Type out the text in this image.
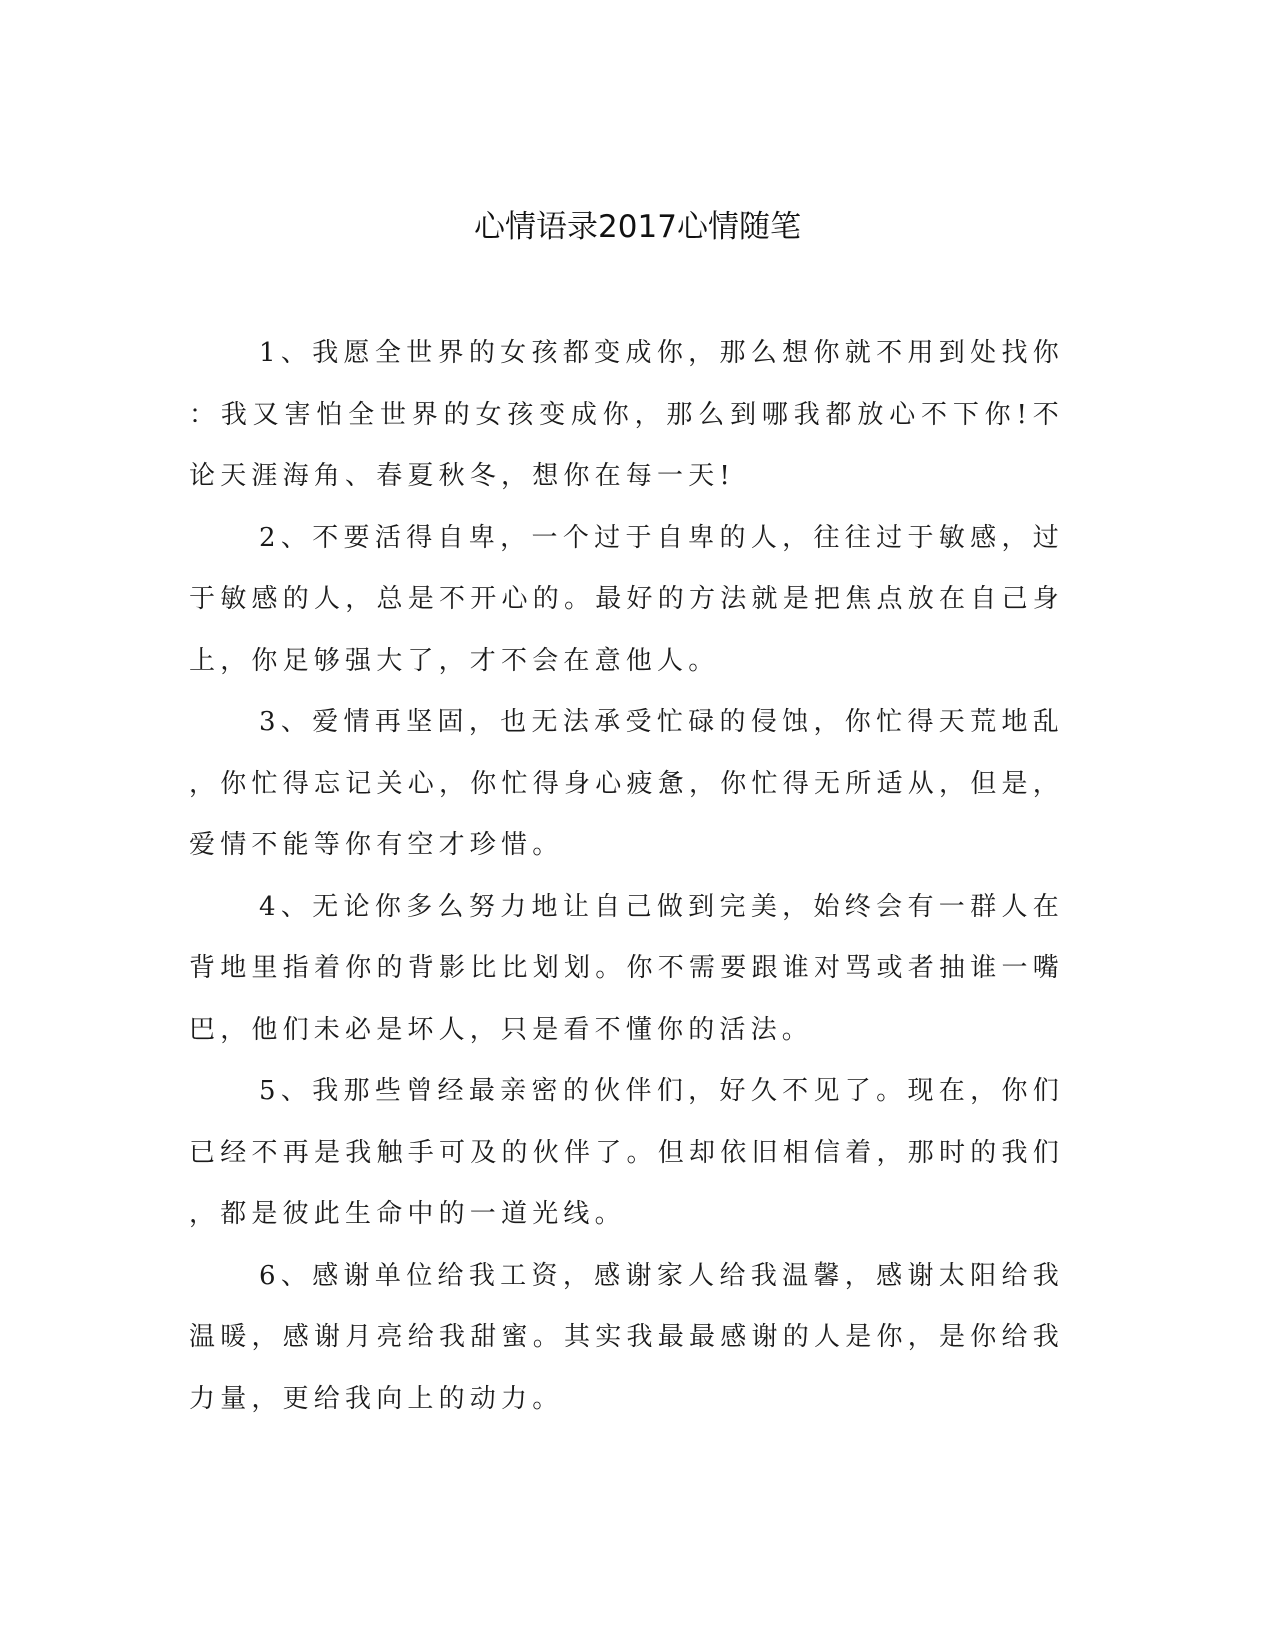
心情语录2017心情随笔

1、我愿全世界的女孩都变成你，那么想你就不用到处找你：我又害怕全世界的女孩变成你，那么到哪我都放心不下你!不论天涯海角、春夏秋冬，想你在每一天!

2、不要活得自卑，一个过于自卑的人，往往过于敏感，过于敏感的人，总是不开心的。最好的方法就是把焦点放在自己身上，你足够强大了，才不会在意他人。

3、爱情再坚固，也无法承受忙碌的侵蚀，你忙得天荒地乱，你忙得忘记关心，你忙得身心疲惫，你忙得无所适从，但是，爱情不能等你有空才珍惜。

4、无论你多么努力地让自己做到完美，始终会有一群人在背地里指着你的背影比比划划。你不需要跟谁对骂或者抽谁一嘴巴，他们未必是坏人，只是看不懂你的活法。

5、我那些曾经最亲密的伙伴们，好久不见了。现在，你们已经不再是我触手可及的伙伴了。但却依旧相信着，那时的我们，都是彼此生命中的一道光线。

6、感谢单位给我工资，感谢家人给我温馨，感谢太阳给我温暖，感谢月亮给我甜蜜。其实我最最感谢的人是你，是你给我力量，更给我向上的动力。
